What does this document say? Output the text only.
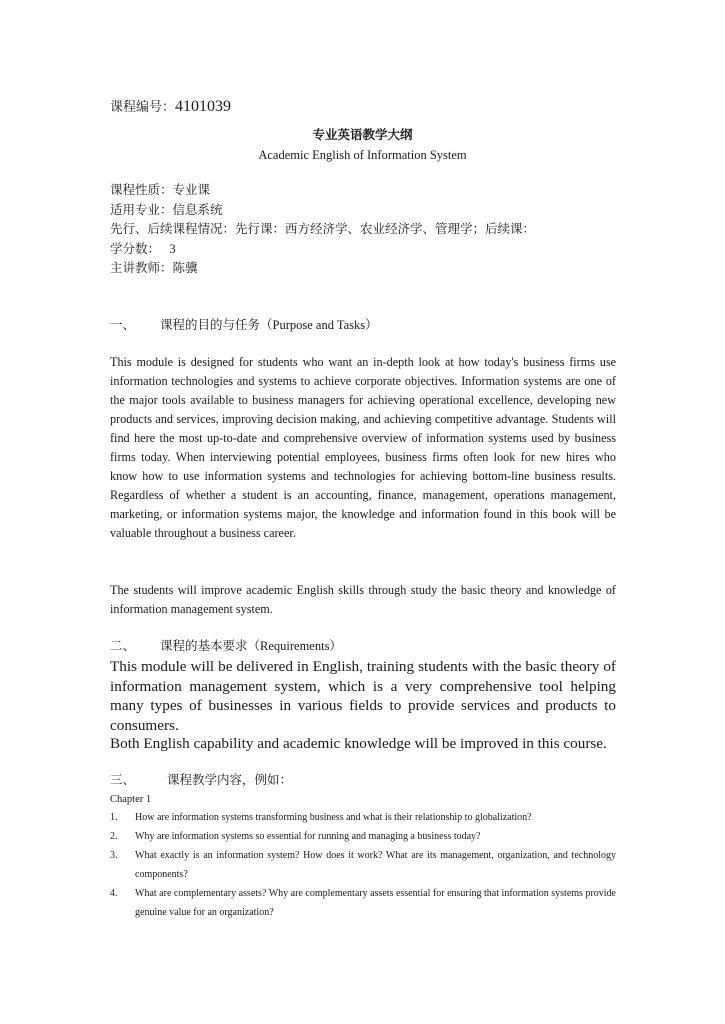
课程编号：4101039
专业英语教学大纲
Academic English of Information System
课程性质：专业课
适用专业：信息系统
先行、后续课程情况：先行课：西方经济学、农业经济学、管理学；后续课：
学分数： 3
主讲教师：陈骥
一、 课程的目的与任务（Purpose and Tasks）
This module is designed for students who want an in-depth look at how today's business firms use information technologies and systems to achieve corporate objectives. Information systems are one of the major tools available to business managers for achieving operational excellence, developing new products and services, improving decision making, and achieving competitive advantage. Students will find here the most up-to-date and comprehensive overview of information systems used by business firms today. When interviewing potential employees, business firms often look for new hires who know how to use information systems and technologies for achieving bottom-line business results. Regardless of whether a student is an accounting, finance, management, operations management, marketing, or information systems major, the knowledge and information found in this book will be valuable throughout a business career.
The students will improve academic English skills through study the basic theory and knowledge of information management system.
二、 课程的基本要求（Requirements）
This module will be delivered in English, training students with the basic theory of information management system, which is a very comprehensive tool helping many types of businesses in various fields to provide services and products to consumers.
Both English capability and academic knowledge will be improved in this course.
三、	课程教学内容，例如：
Chapter 1
1.	How are information systems transforming business and what is their relationship to globalization?
2.	Why are information systems so essential for running and managing a business today?
3.	What exactly is an information system? How does it work? What are its management, organization, and technology components?
4.	What are complementary assets? Why are complementary assets essential for ensuring that information systems provide genuine value for an organization?
